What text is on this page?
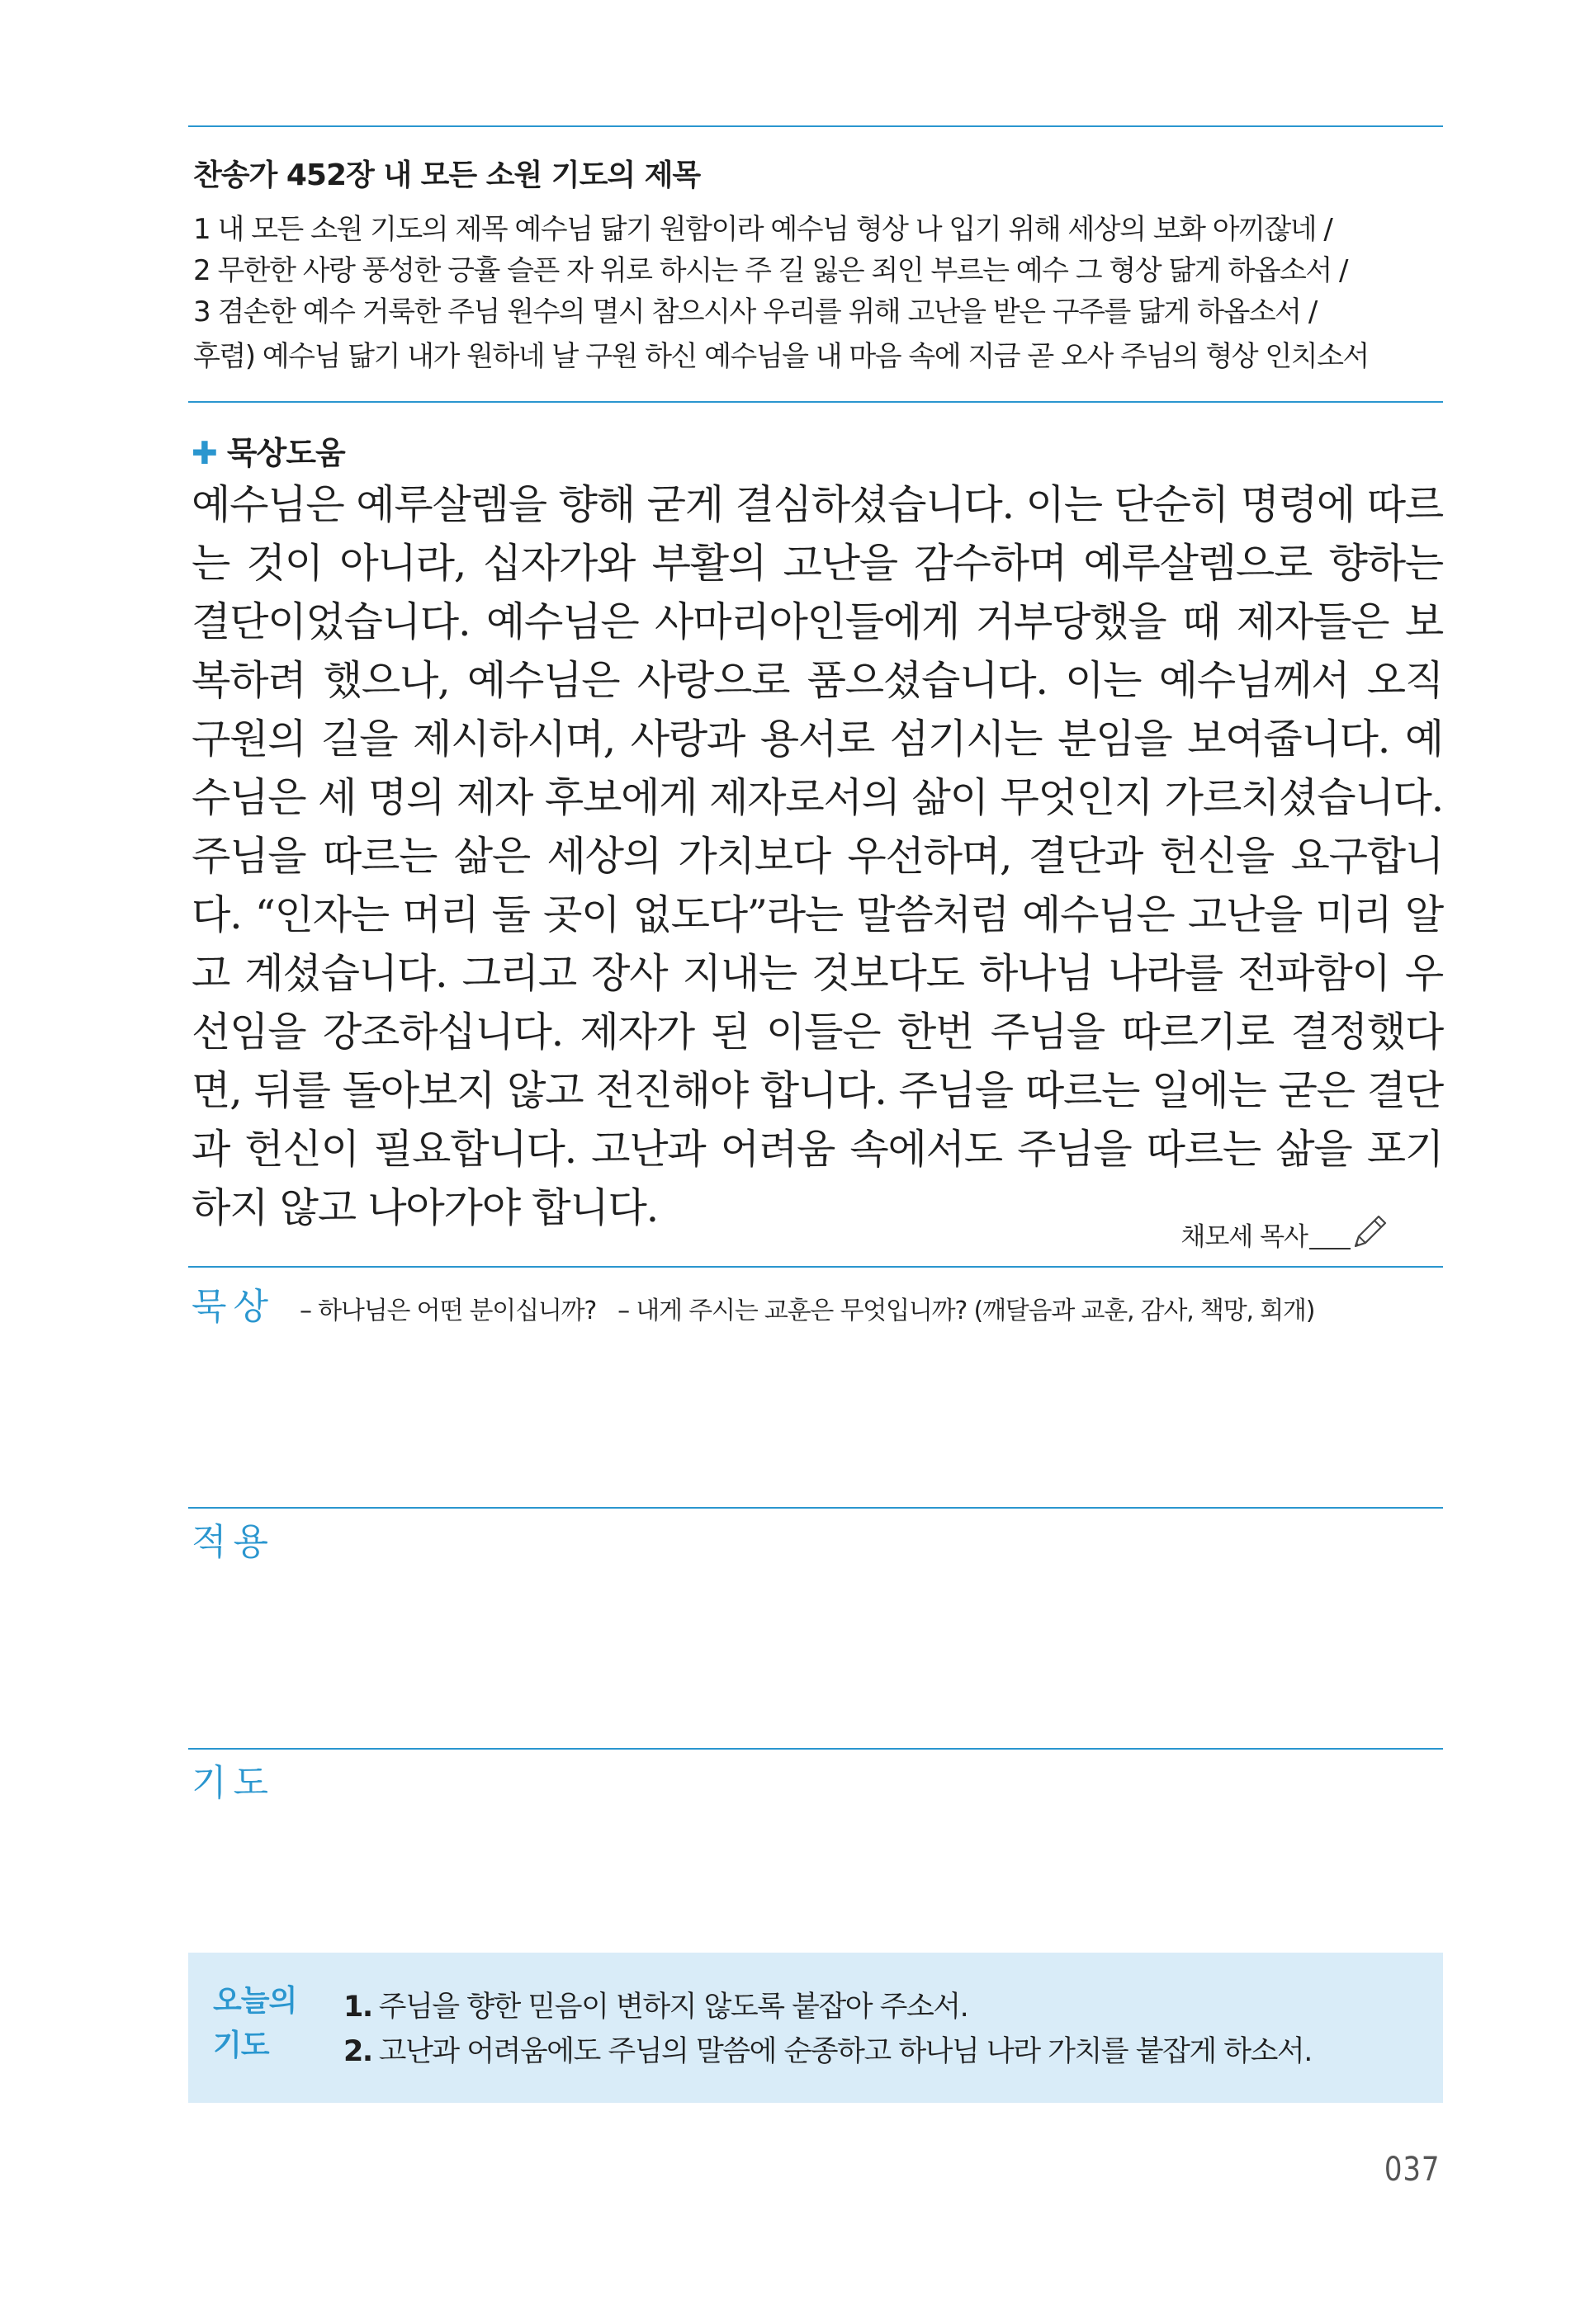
찬송가 452장 내 모든 소원 기도의 제목
1 내 모든 소원 기도의 제목 예수님 닮기 원함이라 예수님 형상 나 입기 위해 세상의 보화 아끼잖네 /
2 무한한 사랑 풍성한 긍휼 슬픈 자 위로 하시는 주 길 잃은 죄인 부르는 예수 그 형상 닮게 하옵소서 /
3 겸손한 예수 거룩한 주님 원수의 멸시 참으시사 우리를 위해 고난을 받은 구주를 닮게 하옵소서 /
후렴) 예수님 닮기 내가 원하네 날 구원 하신 예수님을 내 마음 속에 지금 곧 오사 주님의 형상 인치소서
✚ 묵상도움
예수님은 예루살렘을 향해 굳게 결심하셨습니다. 이는 단순히 명령에 따르는 것이 아니라, 십자가와 부활의 고난을 감수하며 예루살렘으로 향하는 결단이었습니다. 예수님은 사마리아인들에게 거부당했을 때 제자들은 보복하려 했으나, 예수님은 사랑으로 품으셨습니다. 이는 예수님께서 오직 구원의 길을 제시하시며, 사랑과 용서로 섬기시는 분임을 보여줍니다. 예수님은 세 명의 제자 후보에게 제자로서의 삶이 무엇인지 가르치셨습니다. 주님을 따르는 삶은 세상의 가치보다 우선하며, 결단과 헌신을 요구합니다. “인자는 머리 둘 곳이 없도다”라는 말씀처럼 예수님은 고난을 미리 알고 계셨습니다. 그리고 장사 지내는 것보다도 하나님 나라를 전파함이 우선임을 강조하십니다. 제자가 된 이들은 한번 주님을 따르기로 결정했다면, 뒤를 돌아보지 않고 전진해야 합니다. 주님을 따르는 일에는 굳은 결단과 헌신이 필요합니다. 고난과 어려움 속에서도 주님을 따르는 삶을 포기하지 않고 나아가야 합니다.
채모세 목사
묵상 – 하나님은 어떤 분이십니까? – 내게 주시는 교훈은 무엇입니까? (깨달음과 교훈, 감사, 책망, 회개)
적용
기도
오늘의
기도
1. 주님을 향한 믿음이 변하지 않도록 붙잡아 주소서.
2. 고난과 어려움에도 주님의 말씀에 순종하고 하나님 나라 가치를 붙잡게 하소서.
037
